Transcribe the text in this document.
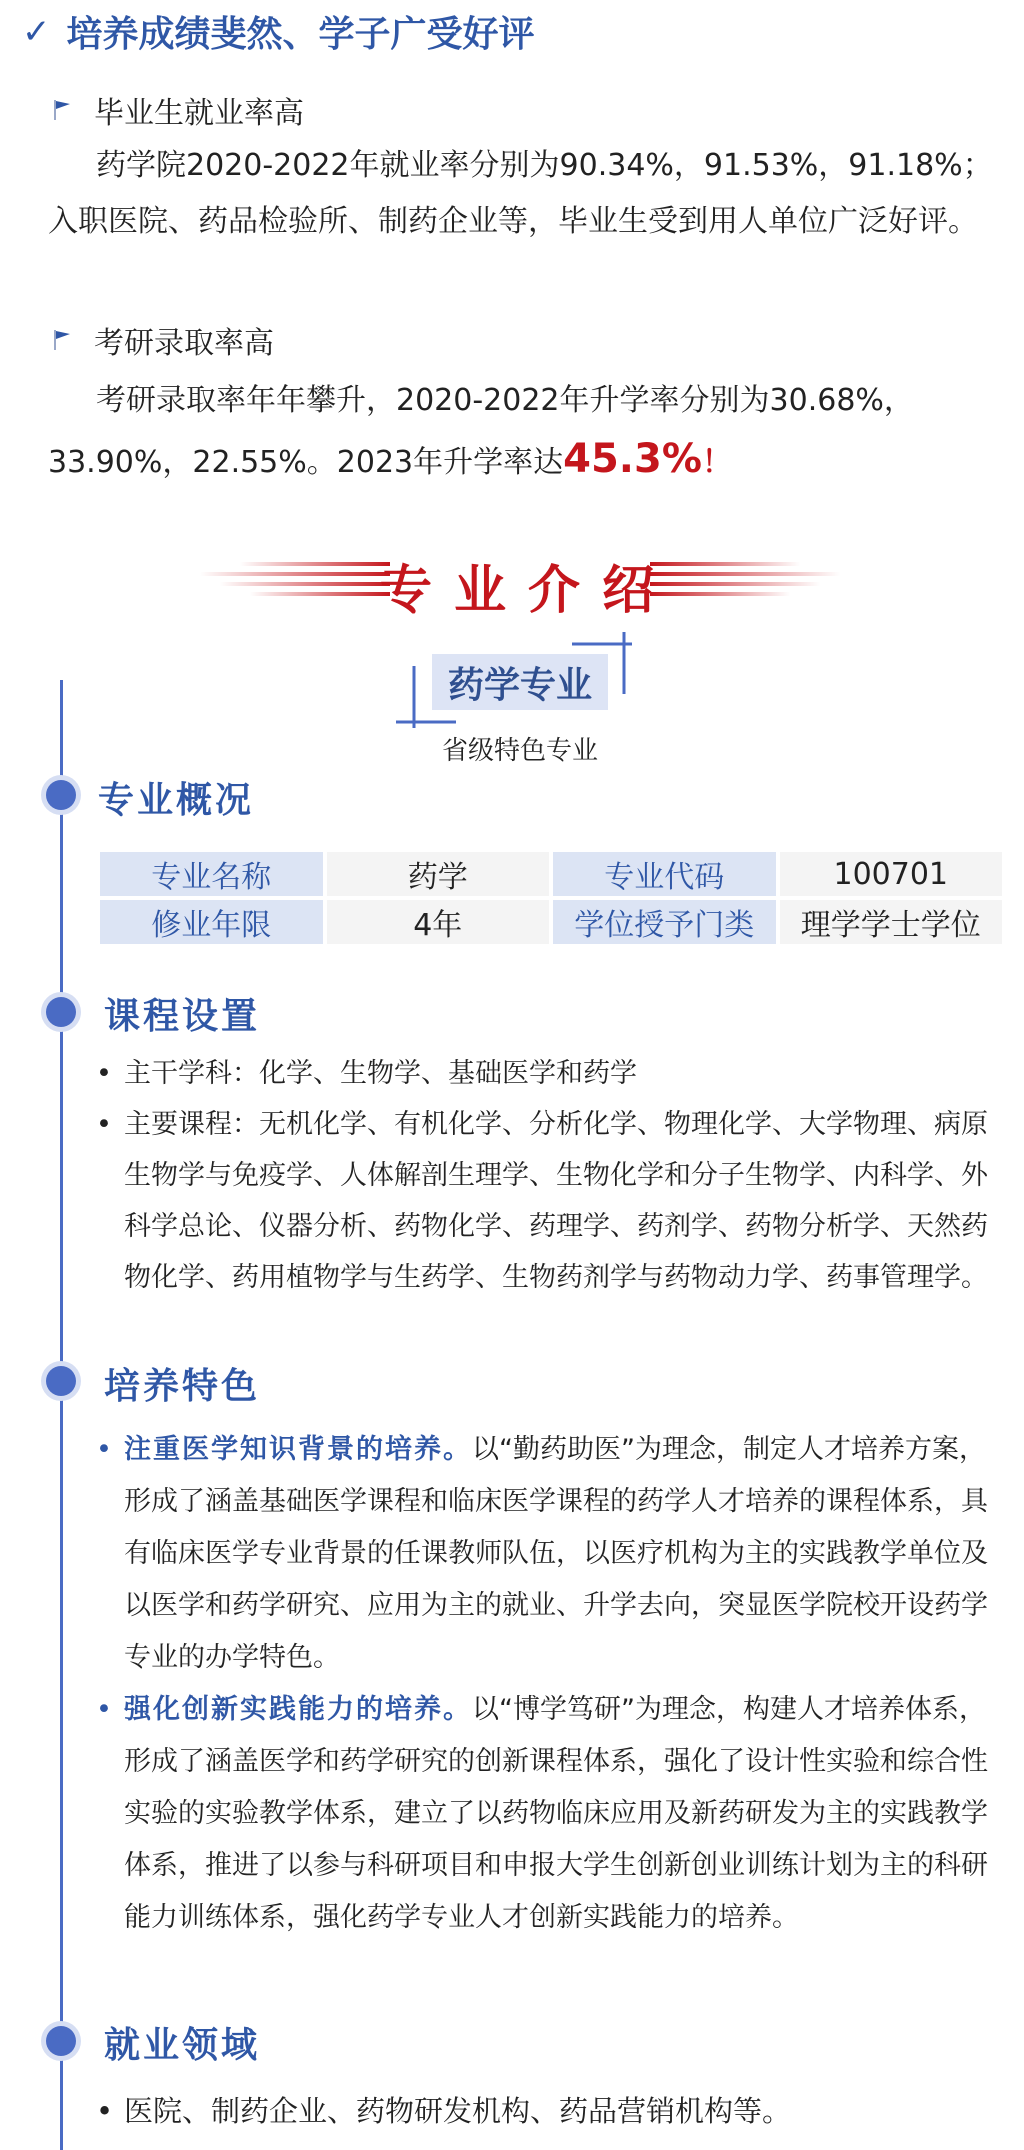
✓ 培养成绩斐然、学子广受好评
毕业生就业率高
药学院2020-2022年就业率分别为90.34%，91.53%，91.18%；入职医院、药品检验所、制药企业等，毕业生受到用人单位广泛好评。
考研录取率高
考研录取率年年攀升，2020-2022年升学率分别为30.68%，33.90%，22.55%。2023年升学率达45.3%！
专业介绍
药学专业
省级特色专业
专业概况
专业名称	药学	专业代码	100701
修业年限	4年	学位授予门类	理学学士学位
课程设置
• 主干学科：化学、生物学、基础医学和药学
• 主要课程：无机化学、有机化学、分析化学、物理化学、大学物理、病原生物学与免疫学、人体解剖生理学、生物化学和分子生物学、内科学、外科学总论、仪器分析、药物化学、药理学、药剂学、药物分析学、天然药物化学、药用植物学与生药学、生物药剂学与药物动力学、药事管理学。
培养特色
• 注重医学知识背景的培养。以“勤药助医”为理念，制定人才培养方案，形成了涵盖基础医学课程和临床医学课程的药学人才培养的课程体系，具有临床医学专业背景的任课教师队伍，以医疗机构为主的实践教学单位及以医学和药学研究、应用为主的就业、升学去向，突显医学院校开设药学专业的办学特色。
• 强化创新实践能力的培养。以“博学笃研”为理念，构建人才培养体系，形成了涵盖医学和药学研究的创新课程体系，强化了设计性实验和综合性实验的实验教学体系，建立了以药物临床应用及新药研发为主的实践教学体系，推进了以参与科研项目和申报大学生创新创业训练计划为主的科研能力训练体系，强化药学专业人才创新实践能力的培养。
就业领域
• 医院、制药企业、药物研发机构、药品营销机构等。
